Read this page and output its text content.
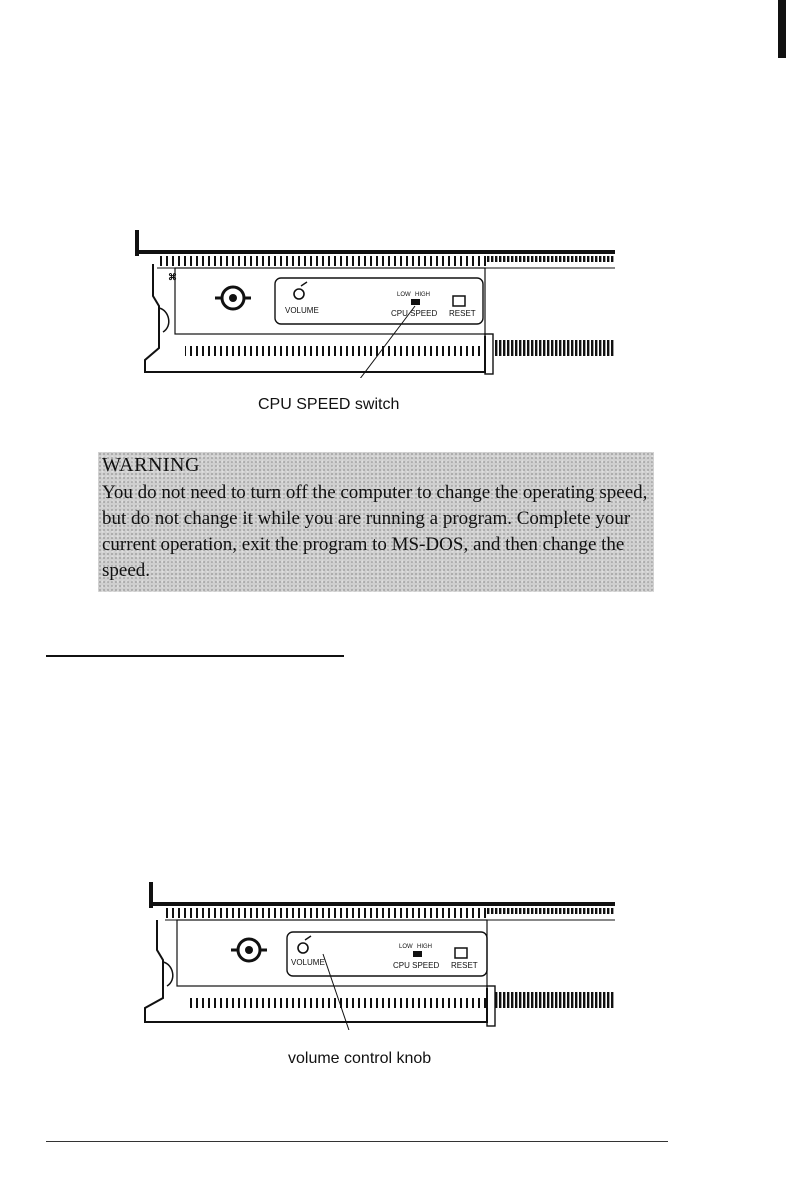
⌘
VOLUME
LOW HIGH
CPU SPEED RESET
CPU SPEED switch

WARNING

You do not need to turn off the computer to change the operating speed, but do not change it while you are running a program. Complete your current operation, exit the program to MS-DOS, and then change the speed.

VOLUME
LOW HIGH
CPU SPEED RESET
volume control knob
